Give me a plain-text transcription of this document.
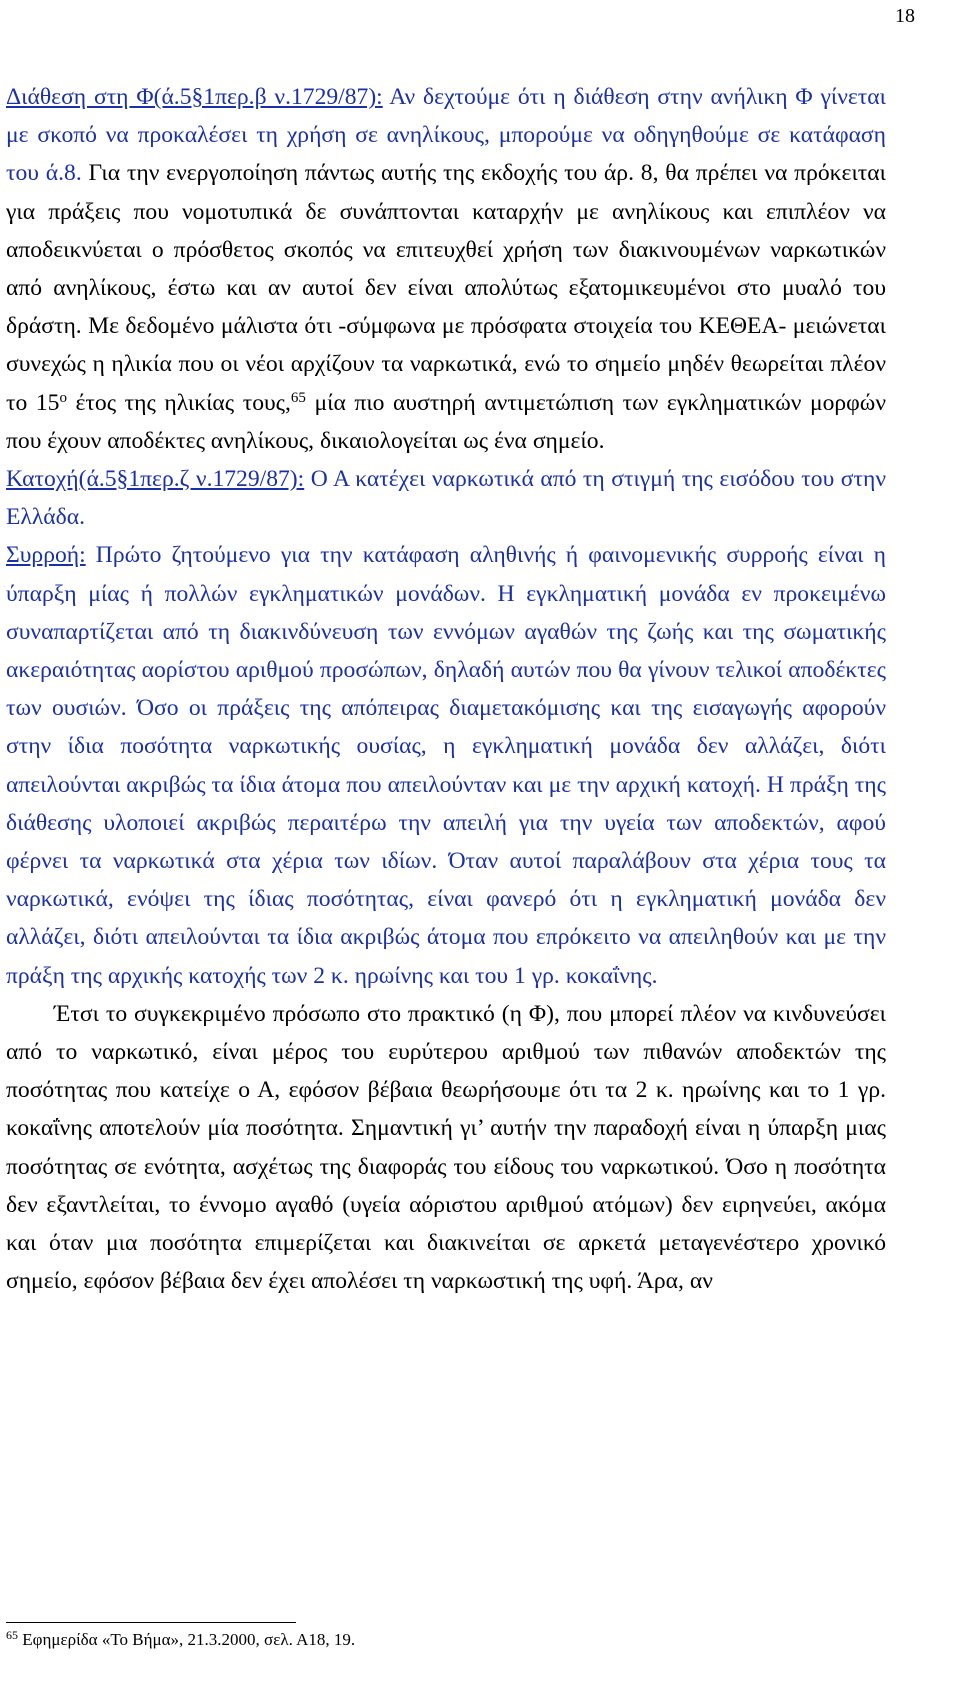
18

Διάθεση στη Φ(ά.5§1περ.β ν.1729/87): Αν δεχτούμε ότι η διάθεση στην ανήλικη Φ γίνεται με σκοπό να προκαλέσει τη χρήση σε ανηλίκους, μπορούμε να οδηγηθούμε σε κατάφαση του ά.8. Για την ενεργοποίηση πάντως αυτής της εκδοχής του άρ. 8, θα πρέπει να πρόκειται για πράξεις που νομοτυπικά δε συνάπτονται καταρχήν με ανηλίκους και επιπλέον να αποδεικνύεται ο πρόσθετος σκοπός να επιτευχθεί χρήση των διακινουμένων ναρκωτικών από ανηλίκους, έστω και αν αυτοί δεν είναι απολύτως εξατομικευμένοι στο μυαλό του δράστη. Με δεδομένο μάλιστα ότι -σύμφωνα με πρόσφατα στοιχεία του ΚΕΘΕΑ- μειώνεται συνεχώς η ηλικία που οι νέοι αρχίζουν τα ναρκωτικά, ενώ το σημείο μηδέν θεωρείται πλέον το 15$^o$ έτος της ηλικίας τους,$^{65}$ μία πιο αυστηρή αντιμετώπιση των εγκληματικών μορφών που έχουν αποδέκτες ανηλίκους, δικαιολογείται ως ένα σημείο.

Κατοχή(ά.5§1περ.ζ ν.1729/87): Ο Α κατέχει ναρκωτικά από τη στιγμή της εισόδου του στην Ελλάδα.

Συρροή: Πρώτο ζητούμενο για την κατάφαση αληθινής ή φαινομενικής συρροής είναι η ύπαρξη μίας ή πολλών εγκληματικών μονάδων. Η εγκληματική μονάδα εν προκειμένω συναπαρτίζεται από τη διακινδύνευση των εννόμων αγαθών της ζωής και της σωματικής ακεραιότητας αορίστου αριθμού προσώπων, δηλαδή αυτών που θα γίνουν τελικοί αποδέκτες των ουσιών. Όσο οι πράξεις της απόπειρας διαμετακόμισης και της εισαγωγής αφορούν στην ίδια ποσότητα ναρκωτικής ουσίας, η εγκληματική μονάδα δεν αλλάζει, διότι απειλούνται ακριβώς τα ίδια άτομα που απειλούνταν και με την αρχική κατοχή. Η πράξη της διάθεσης υλοποιεί ακριβώς περαιτέρω την απειλή για την υγεία των αποδεκτών, αφού φέρνει τα ναρκωτικά στα χέρια των ιδίων. Όταν αυτοί παραλάβουν στα χέρια τους τα ναρκωτικά, ενόψει της ίδιας ποσότητας, είναι φανερό ότι η εγκληματική μονάδα δεν αλλάζει, διότι απειλούνται τα ίδια ακριβώς άτομα που επρόκειτο να απειληθούν και με την πράξη της αρχικής κατοχής των 2 κ. ηρωίνης και του 1 γρ. κοκαΐνης.

Έτσι το συγκεκριμένο πρόσωπο στο πρακτικό (η Φ), που μπορεί πλέον να κινδυνεύσει από το ναρκωτικό, είναι μέρος του ευρύτερου αριθμού των πιθανών αποδεκτών της ποσότητας που κατείχε ο Α, εφόσον βέβαια θεωρήσουμε ότι τα 2 κ. ηρωίνης και το 1 γρ. κοκαΐνης αποτελούν μία ποσότητα. Σημαντική γι’ αυτήν την παραδοχή είναι η ύπαρξη μιας ποσότητας σε ενότητα, ασχέτως της διαφοράς του είδους του ναρκωτικού. Όσο η ποσότητα δεν εξαντλείται, το έννομο αγαθό (υγεία αόριστου αριθμού ατόμων) δεν ειρηνεύει, ακόμα και όταν μια ποσότητα επιμερίζεται και διακινείται σε αρκετά μεταγενέστερο χρονικό σημείο, εφόσον βέβαια δεν έχει απολέσει τη ναρκωστική της υφή. Άρα, αν

$^{65}$ Εφημερίδα «Το Βήμα», 21.3.2000, σελ. Α18, 19.
